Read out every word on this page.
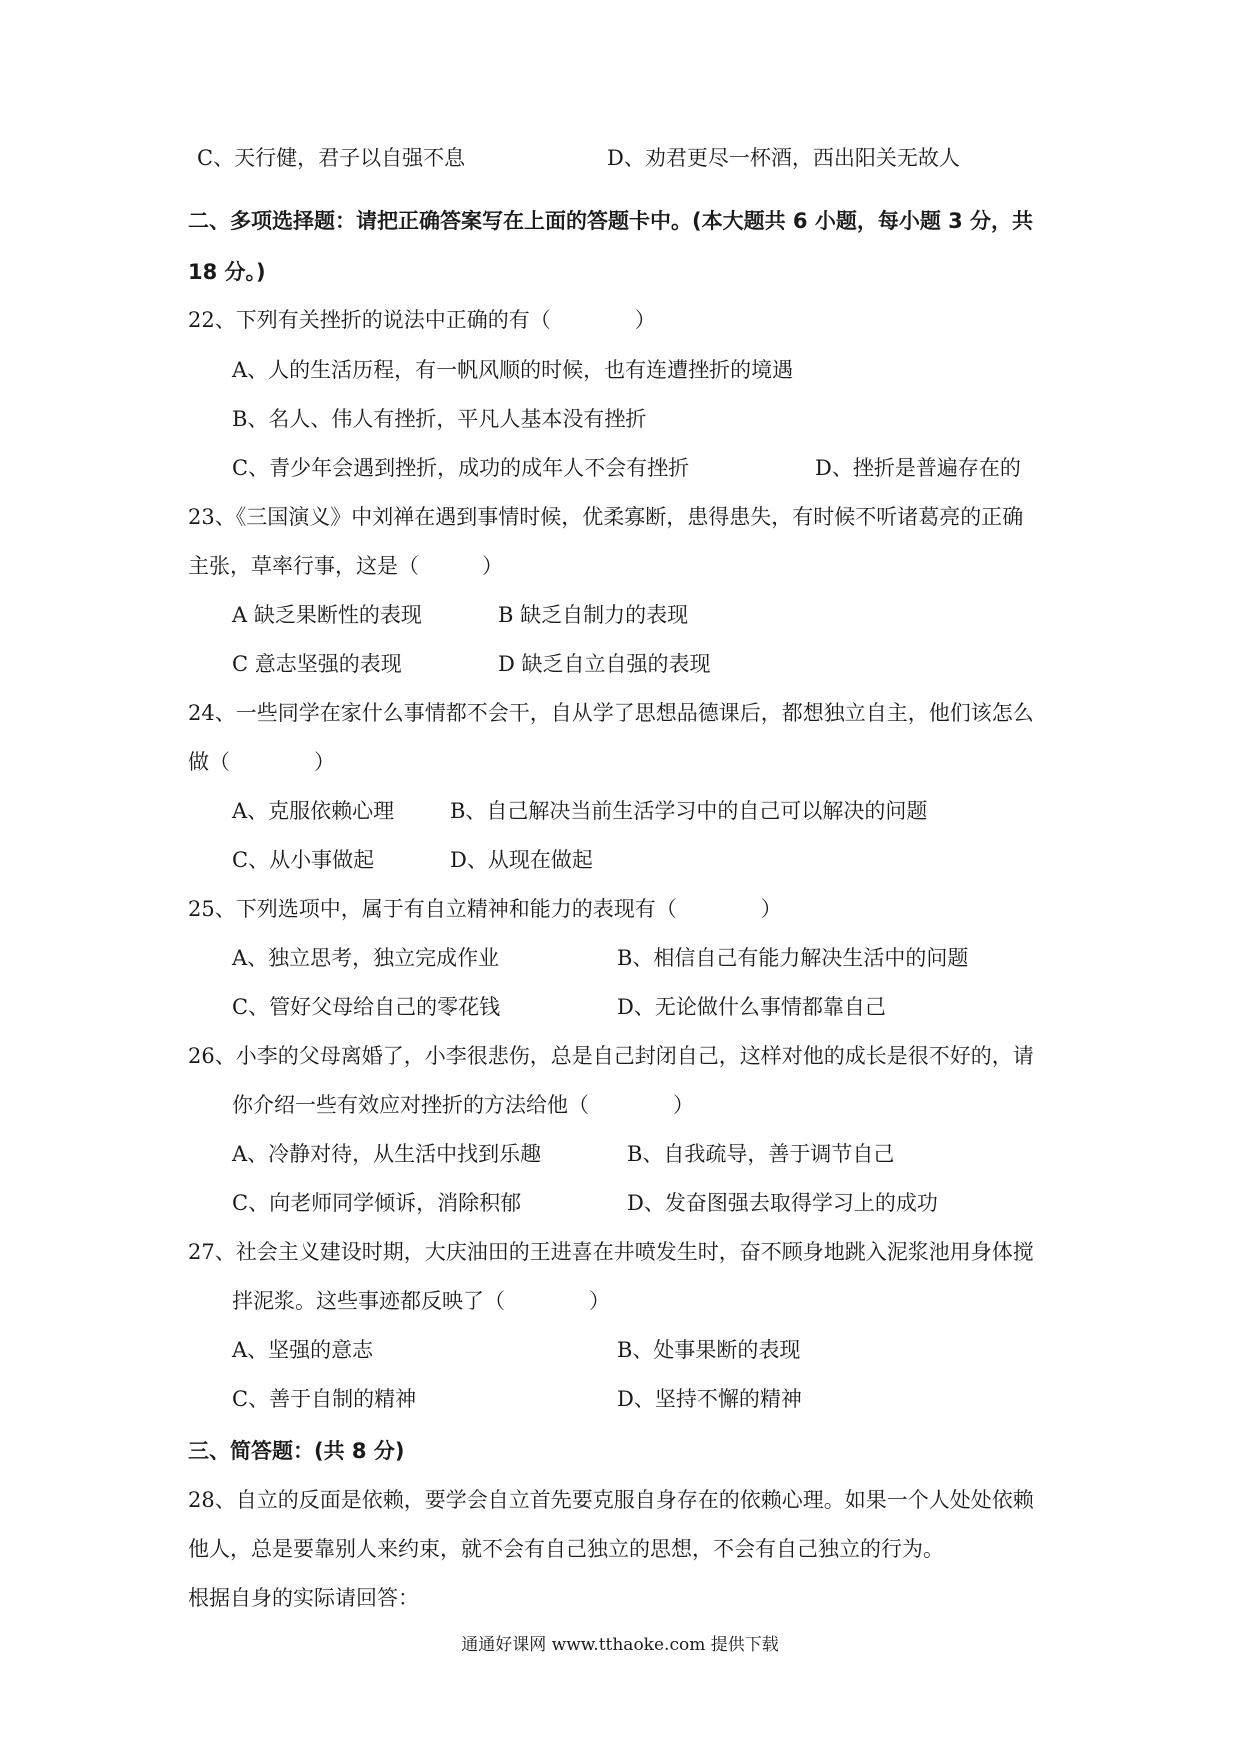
C、天行健，君子以自强不息	D、劝君更尽一杯酒，西出阳关无故人
二、多项选择题：请把正确答案写在上面的答题卡中。(本大题共 6 小题，每小题 3 分，共
18 分。)
22、下列有关挫折的说法中正确的有（　　　　）
A、人的生活历程，有一帆风顺的时候，也有连遭挫折的境遇
B、名人、伟人有挫折，平凡人基本没有挫折
C、青少年会遇到挫折，成功的成年人不会有挫折	D、挫折是普遍存在的
23、《三国演义》中刘禅在遇到事情时候，优柔寡断，患得患失，有时候不听诸葛亮的正确
主张，草率行事，这是（　　　）
A 缺乏果断性的表现	B 缺乏自制力的表现
C 意志坚强的表现	D 缺乏自立自强的表现
24、一些同学在家什么事情都不会干，自从学了思想品德课后，都想独立自主，他们该怎么
做（　　　　）
A、克服依赖心理	B、自己解决当前生活学习中的自己可以解决的问题
C、从小事做起	D、从现在做起
25、下列选项中，属于有自立精神和能力的表现有（　　　　）
A、独立思考，独立完成作业	B、相信自己有能力解决生活中的问题
C、管好父母给自己的零花钱	D、无论做什么事情都靠自己
26、小李的父母离婚了，小李很悲伤，总是自己封闭自己，这样对他的成长是很不好的，请
你介绍一些有效应对挫折的方法给他（　　　　）
A、冷静对待，从生活中找到乐趣	B、自我疏导，善于调节自己
C、向老师同学倾诉，消除积郁	D、发奋图强去取得学习上的成功
27、社会主义建设时期，大庆油田的王进喜在井喷发生时，奋不顾身地跳入泥浆池用身体搅
拌泥浆。这些事迹都反映了（　　　　）
A、坚强的意志	B、处事果断的表现
C、善于自制的精神	D、坚持不懈的精神
三、简答题：(共 8 分)
28、自立的反面是依赖，要学会自立首先要克服自身存在的依赖心理。如果一个人处处依赖
他人，总是要靠别人来约束，就不会有自己独立的思想，不会有自己独立的行为。
根据自身的实际请回答：
通通好课网 www.tthaoke.com 提供下载
